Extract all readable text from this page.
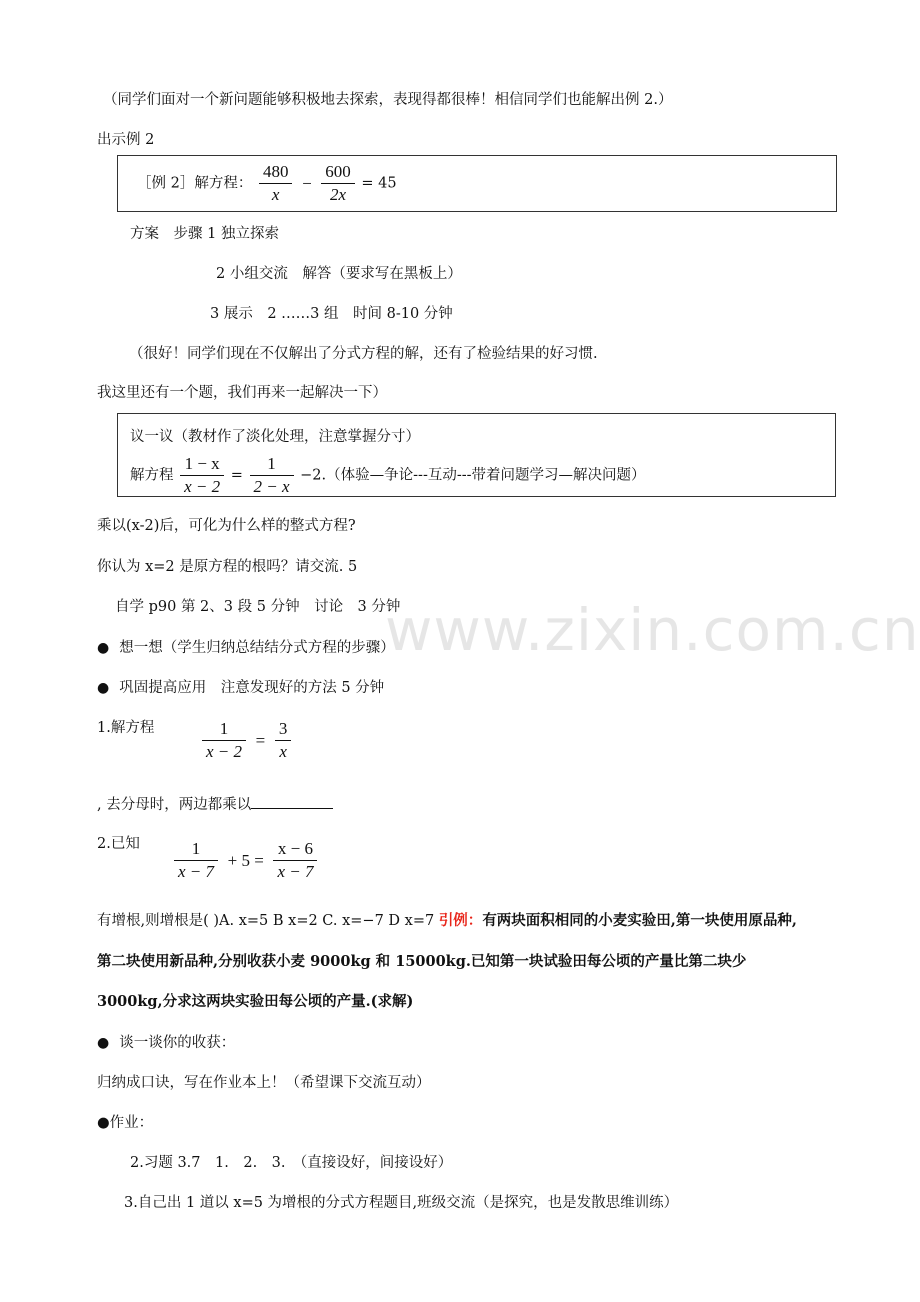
（同学们面对一个新问题能够积极地去探索，表现得都很棒！相信同学们也能解出例 2.）
出示例 2
［例 2］解方程： $\frac{480}{x} - \frac{600}{2x} = 45$
方案　步骤 1 独立探索
2 小组交流　解答（要求写在黑板上）
3 展示　2 ……3 组　时间 8-10 分钟
（很好！同学们现在不仅解出了分式方程的解，还有了检验结果的好习惯.
我这里还有一个题，我们再来一起解决一下）
议一议（教材作了淡化处理，注意掌握分寸）
解方程 $\frac{1 - x}{x - 2} = \frac{1}{2 - x} -2$.（体验—争论---互动---带着问题学习—解决问题）
乘以(x-2)后，可化为什么样的整式方程?
你认为 x=2 是原方程的根吗？请交流. 5
自学 p90 第 2、3 段 5 分钟　讨论　3 分钟
www.zixin.com.cn
● 想一想（学生归纳总结结分式方程的步骤）
● 巩固提高应用　注意发现好的方法 5 分钟
1.解方程	$\frac{1}{x - 2} = \frac{3}{x}$
, 去分母时，两边都乘以
2.已知 $\frac{1}{x - 7} + 5 = \frac{x - 6}{x - 7}$
有增根,则增根是( )A. x=5 B x=2 C. x=−7 D x=7 引例：有两块面积相同的小麦实验田,第一块使用原品种,
第二块使用新品种,分别收获小麦 9000kg 和 15000kg.已知第一块试验田每公顷的产量比第二块少
3000kg,分求这两块实验田每公顷的产量.(求解)
● 谈一谈你的收获：
归纳成口诀，写在作业本上！（希望课下交流互动）
●作业：
2.习题 3.7　1.　2.　3.　（直接设好，间接设好）
3.自己出 1 道以 x=5 为增根的分式方程题目,班级交流（是探究，也是发散思维训练）
